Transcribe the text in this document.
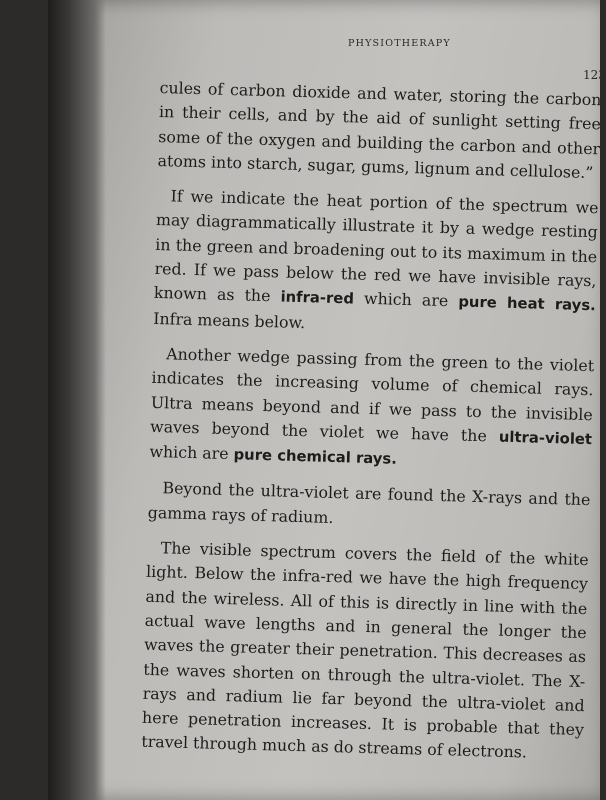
PHYSIOTHERAPY
123

cules of carbon dioxide and water, storing the carbon in their cells, and by the aid of sunlight setting free some of the oxygen and building the carbon and other atoms into starch, sugar, gums, lignum and cellulose.”

If we indicate the heat portion of the spectrum we may diagrammatically illustrate it by a wedge resting in the green and broadening out to its maximum in the red. If we pass below the red we have invisible rays, known as the infra-red which are pure heat rays. Infra means below.

Another wedge passing from the green to the violet indicates the increasing volume of chemical rays. Ultra means beyond and if we pass to the invisible waves beyond the violet we have the ultra-violet which are pure chemical rays.

Beyond the ultra-violet are found the X-rays and the gamma rays of radium.

The visible spectrum covers the field of the white light. Below the infra-red we have the high frequency and the wireless. All of this is directly in line with the actual wave lengths and in general the longer the waves the greater their penetration. This decreases as the waves shorten on through the ultra-violet. The X-rays and radium lie far beyond the ultra-violet and here penetration increases. It is probable that they travel through much as do streams of electrons.
